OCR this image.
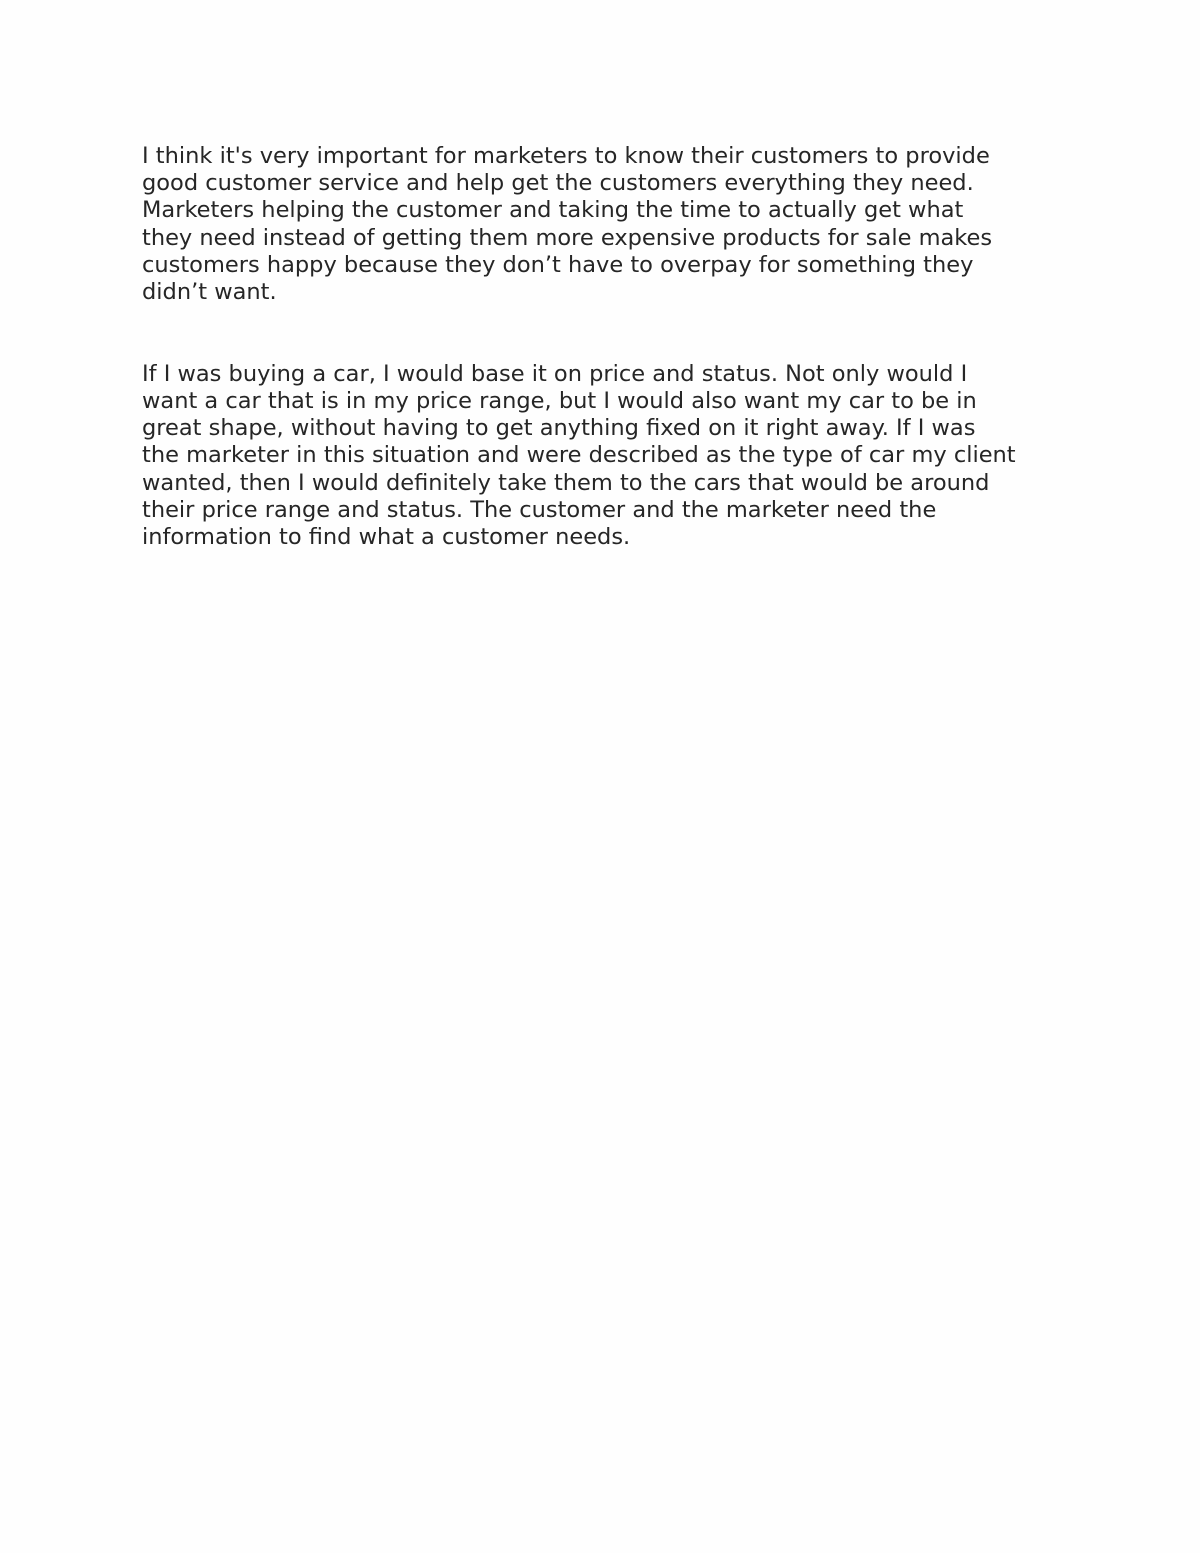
I think it's very important for marketers to know their customers to provide
good customer service and help get the customers everything they need.
Marketers helping the customer and taking the time to actually get what
they need instead of getting them more expensive products for sale makes
customers happy because they don’t have to overpay for something they
didn’t want.

If I was buying a car, I would base it on price and status. Not only would I
want a car that is in my price range, but I would also want my car to be in
great shape, without having to get anything fixed on it right away. If I was
the marketer in this situation and were described as the type of car my client
wanted, then I would definitely take them to the cars that would be around
their price range and status. The customer and the marketer need the
information to find what a customer needs.
